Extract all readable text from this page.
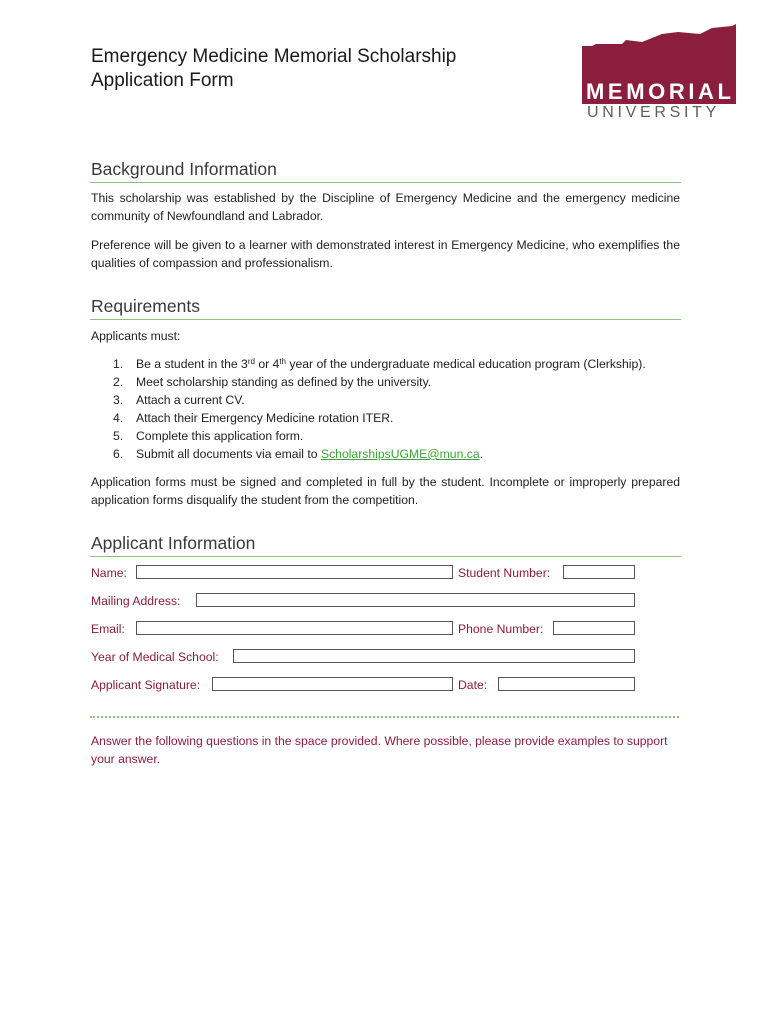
Emergency Medicine Memorial Scholarship
Application Form	MEMORIAL
UNIVERSITY
Background Information
This scholarship was established by the Discipline of Emergency Medicine and the emergency medicine community of Newfoundland and Labrador.
Preference will be given to a learner with demonstrated interest in Emergency Medicine, who exemplifies the qualities of compassion and professionalism.
Requirements
Applicants must:
1. Be a student in the 3rd or 4th year of the undergraduate medical education program (Clerkship).
2. Meet scholarship standing as defined by the university.
3. Attach a current CV.
4. Attach their Emergency Medicine rotation ITER.
5. Complete this application form.
6. Submit all documents via email to ScholarshipsUGME@mun.ca.
Application forms must be signed and completed in full by the student. Incomplete or improperly prepared application forms disqualify the student from the competition.
Applicant Information
Name:	Student Number:
Mailing Address:
Email:	Phone Number:
Year of Medical School:
Applicant Signature:	Date:
Answer the following questions in the space provided. Where possible, please provide examples to support your answer.
